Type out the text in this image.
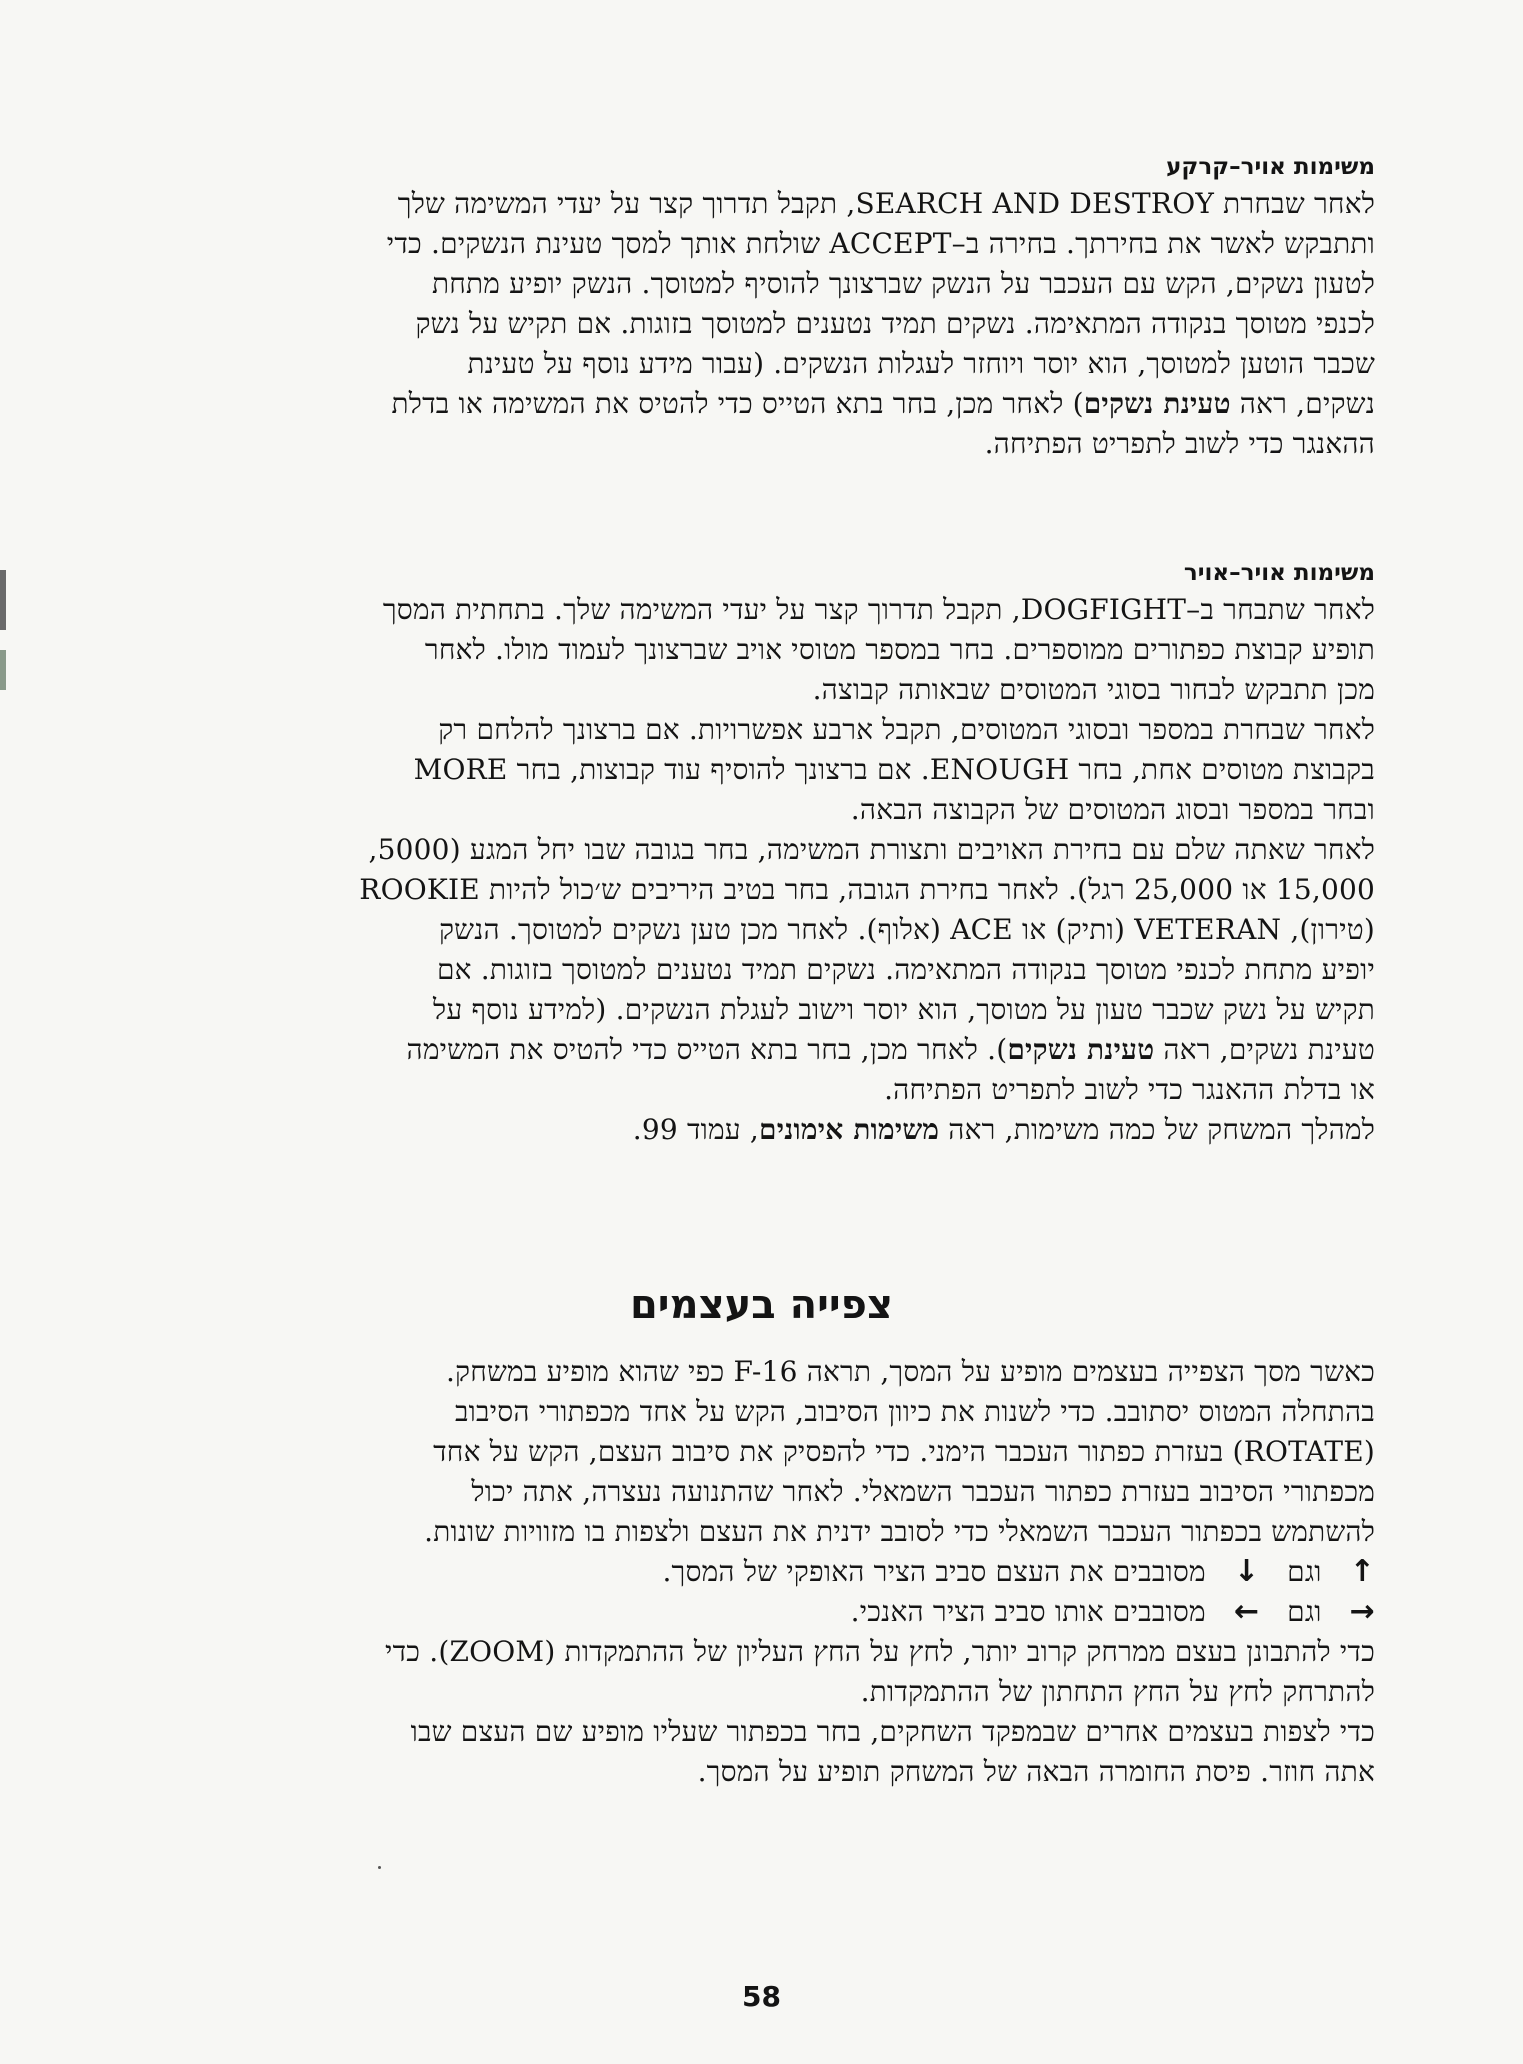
משימות אויר–קרקע
לאחר שבחרת SEARCH AND DESTROY, תקבל תדרוך קצר על יעדי המשימה שלך
ותתבקש לאשר את בחירתך. בחירה ב–ACCEPT שולחת אותך למסך טעינת הנשקים. כדי
לטעון נשקים, הקש עם העכבר על הנשק שברצונך להוסיף למטוסך. הנשק יופיע מתחת
לכנפי מטוסך בנקודה המתאימה. נשקים תמיד נטענים למטוסך בזוגות. אם תקיש על נשק
שכבר הוטען למטוסך, הוא יוסר ויוחזר לעגלות הנשקים. (עבור מידע נוסף על טעינת
נשקים, ראה טעינת נשקים) לאחר מכן, בחר בתא הטייס כדי להטיס את המשימה או בדלת
ההאנגר כדי לשוב לתפריט הפתיחה.
משימות אויר–אויר
לאחר שתבחר ב–DOGFIGHT, תקבל תדרוך קצר על יעדי המשימה שלך. בתחתית המסך
תופיע קבוצת כפתורים ממוספרים. בחר במספר מטוסי אויב שברצונך לעמוד מולו. לאחר
מכן תתבקש לבחור בסוגי המטוסים שבאותה קבוצה.
לאחר שבחרת במספר ובסוגי המטוסים, תקבל ארבע אפשרויות. אם ברצונך להלחם רק
בקבוצת מטוסים אחת, בחר ENOUGH. אם ברצונך להוסיף עוד קבוצות, בחר MORE
ובחר במספר ובסוג המטוסים של הקבוצה הבאה.
לאחר שאתה שלם עם בחירת האויבים ותצורת המשימה, בחר בגובה שבו יחל המגע (5000,
15,000 או 25,000 רגל). לאחר בחירת הגובה, בחר בטיב היריבים ש׳כול להיות ROOKIE
(טירון), VETERAN (ותיק) או ACE (אלוף). לאחר מכן טען נשקים למטוסך. הנשק
יופיע מתחת לכנפי מטוסך בנקודה המתאימה. נשקים תמיד נטענים למטוסך בזוגות. אם
תקיש על נשק שכבר טעון על מטוסך, הוא יוסר וישוב לעגלת הנשקים. (למידע נוסף על
טעינת נשקים, ראה טעינת נשקים). לאחר מכן, בחר בתא הטייס כדי להטיס את המשימה
או בדלת ההאנגר כדי לשוב לתפריט הפתיחה.
למהלך המשחק של כמה משימות, ראה משימות אימונים, עמוד 99.
צפייה בעצמים
כאשר מסך הצפייה בעצמים מופיע על המסך, תראה F-16 כפי שהוא מופיע במשחק.
בהתחלה המטוס יסתובב. כדי לשנות את כיוון הסיבוב, הקש על אחד מכפתורי הסיבוב
(ROTATE) בעזרת כפתור העכבר הימני. כדי להפסיק את סיבוב העצם, הקש על אחד
מכפתורי הסיבוב בעזרת כפתור העכבר השמאלי. לאחר שהתנועה נעצרה, אתה יכול
להשתמש בכפתור העכבר השמאלי כדי לסובב ידנית את העצם ולצפות בו מזוויות שונות.
↑
וגם
↓
מסובבים את העצם סביב הציר האופקי של המסך.
→
וגם
←
מסובבים אותו סביב הציר האנכי.
כדי להתבונן בעצם ממרחק קרוב יותר, לחץ על החץ העליון של ההתמקדות (ZOOM). כדי
להתרחק לחץ על החץ התחתון של ההתמקדות.
כדי לצפות בעצמים אחרים שבמפקד השחקים, בחר בכפתור שעליו מופיע שם העצם שבו
אתה חוזר. פיסת החומרה הבאה של המשחק תופיע על המסך.
58
